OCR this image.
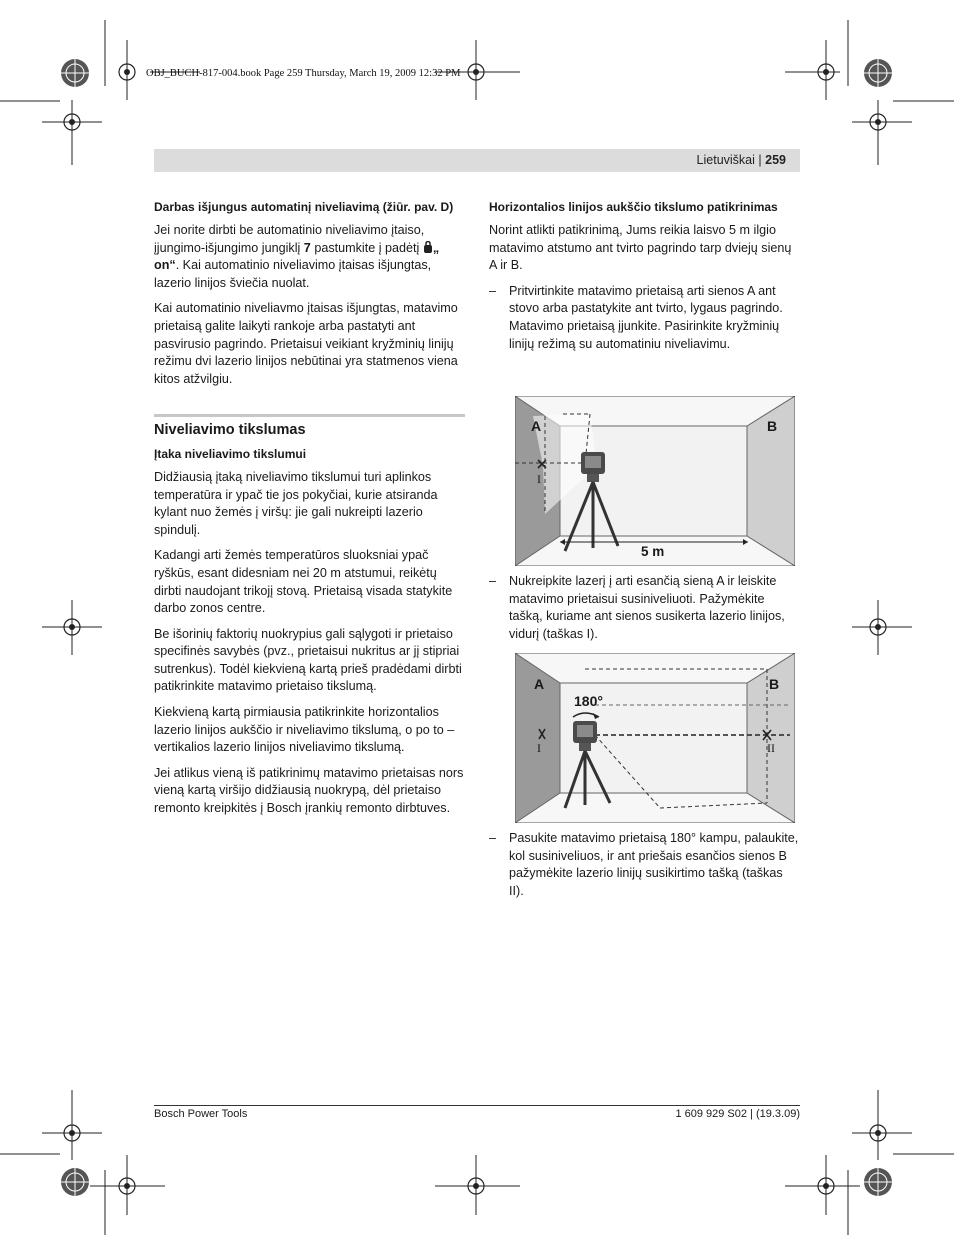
OBJ_BUCH-817-004.book Page 259 Thursday, March 19, 2009 12:32 PM
Lietuviškai | 259
Darbas išjungus automatinį niveliavimą (žiūr. pav. D)

Jei norite dirbti be automatinio niveliavimo įtaiso, įjungimo-išjungimo jungiklį 7 pastumkite į padėtį „ on“. Kai automatinio niveliavimo įtaisas išjungtas, lazerio linijos šviečia nuolat.

Kai automatinio niveliavmo įtaisas išjungtas, matavimo prietaisą galite laikyti rankoje arba pastatyti ant pasvirusio pagrindo. Prietaisui veikiant kryžminių linijų režimu dvi lazerio linijos nebūtinai yra statmenos viena kitos atžvilgiu.

Niveliavimo tikslumas
Įtaka niveliavimo tikslumui

Didžiausią įtaką niveliavimo tikslumui turi aplinkos temperatūra ir ypač tie jos pokyčiai, kurie atsiranda kylant nuo žemės į viršų: jie gali nukreipti lazerio spindulį.

Kadangi arti žemės temperatūros sluoksniai ypač ryškūs, esant didesniam nei 20 m atstumui, reikėtų dirbti naudojant trikojį stovą. Prietaisą visada statykite darbo zonos centre.

Be išorinių faktorių nuokrypius gali sąlygoti ir prietaiso specifinės savybės (pvz., prietaisui nukritus ar jį stipriai sutrenkus). Todėl kiekvieną kartą prieš pradėdami dirbti patikrinkite matavimo prietaiso tikslumą.

Kiekvieną kartą pirmiausia patikrinkite horizontalios lazerio linijos aukščio ir niveliavimo tikslumą, o po to – vertikalios lazerio linijos niveliavimo tikslumą.

Jei atlikus vieną iš patikrinimų matavimo prietaisas nors vieną kartą viršijo didžiausią nuokrypą, dėl prietaiso remonto kreipkitės į Bosch įrankių remonto dirbtuves.

Horizontalios linijos aukščio tikslumo patikrinimas

Norint atlikti patikrinimą, Jums reikia laisvo 5 m ilgio matavimo atstumo ant tvirto pagrindo tarp dviejų sienų A ir B.

–	Pritvirtinkite matavimo prietaisą arti sienos A ant stovo arba pastatykite ant tvirto, lygaus pagrindo. Matavimo prietaisą įjunkite. Pasirinkite kryžminių linijų režimą su automatiniu niveliavimu.
A	B
I
5 m
–	Nukreipkite lazerį į arti esančią sieną A ir leiskite matavimo prietaisui susiniveliuoti. Pažymėkite tašką, kuriame ant sienos susikerta lazerio linijos, vidurį (taškas I).
A	B
180°
I	II
–	Pasukite matavimo prietaisą 180° kampu, palaukite, kol susiniveliuos, ir ant priešais esančios sienos B pažymėkite lazerio linijų susikirtimo tašką (taškas II).
Bosch Power Tools	1 609 929 S02 | (19.3.09)
